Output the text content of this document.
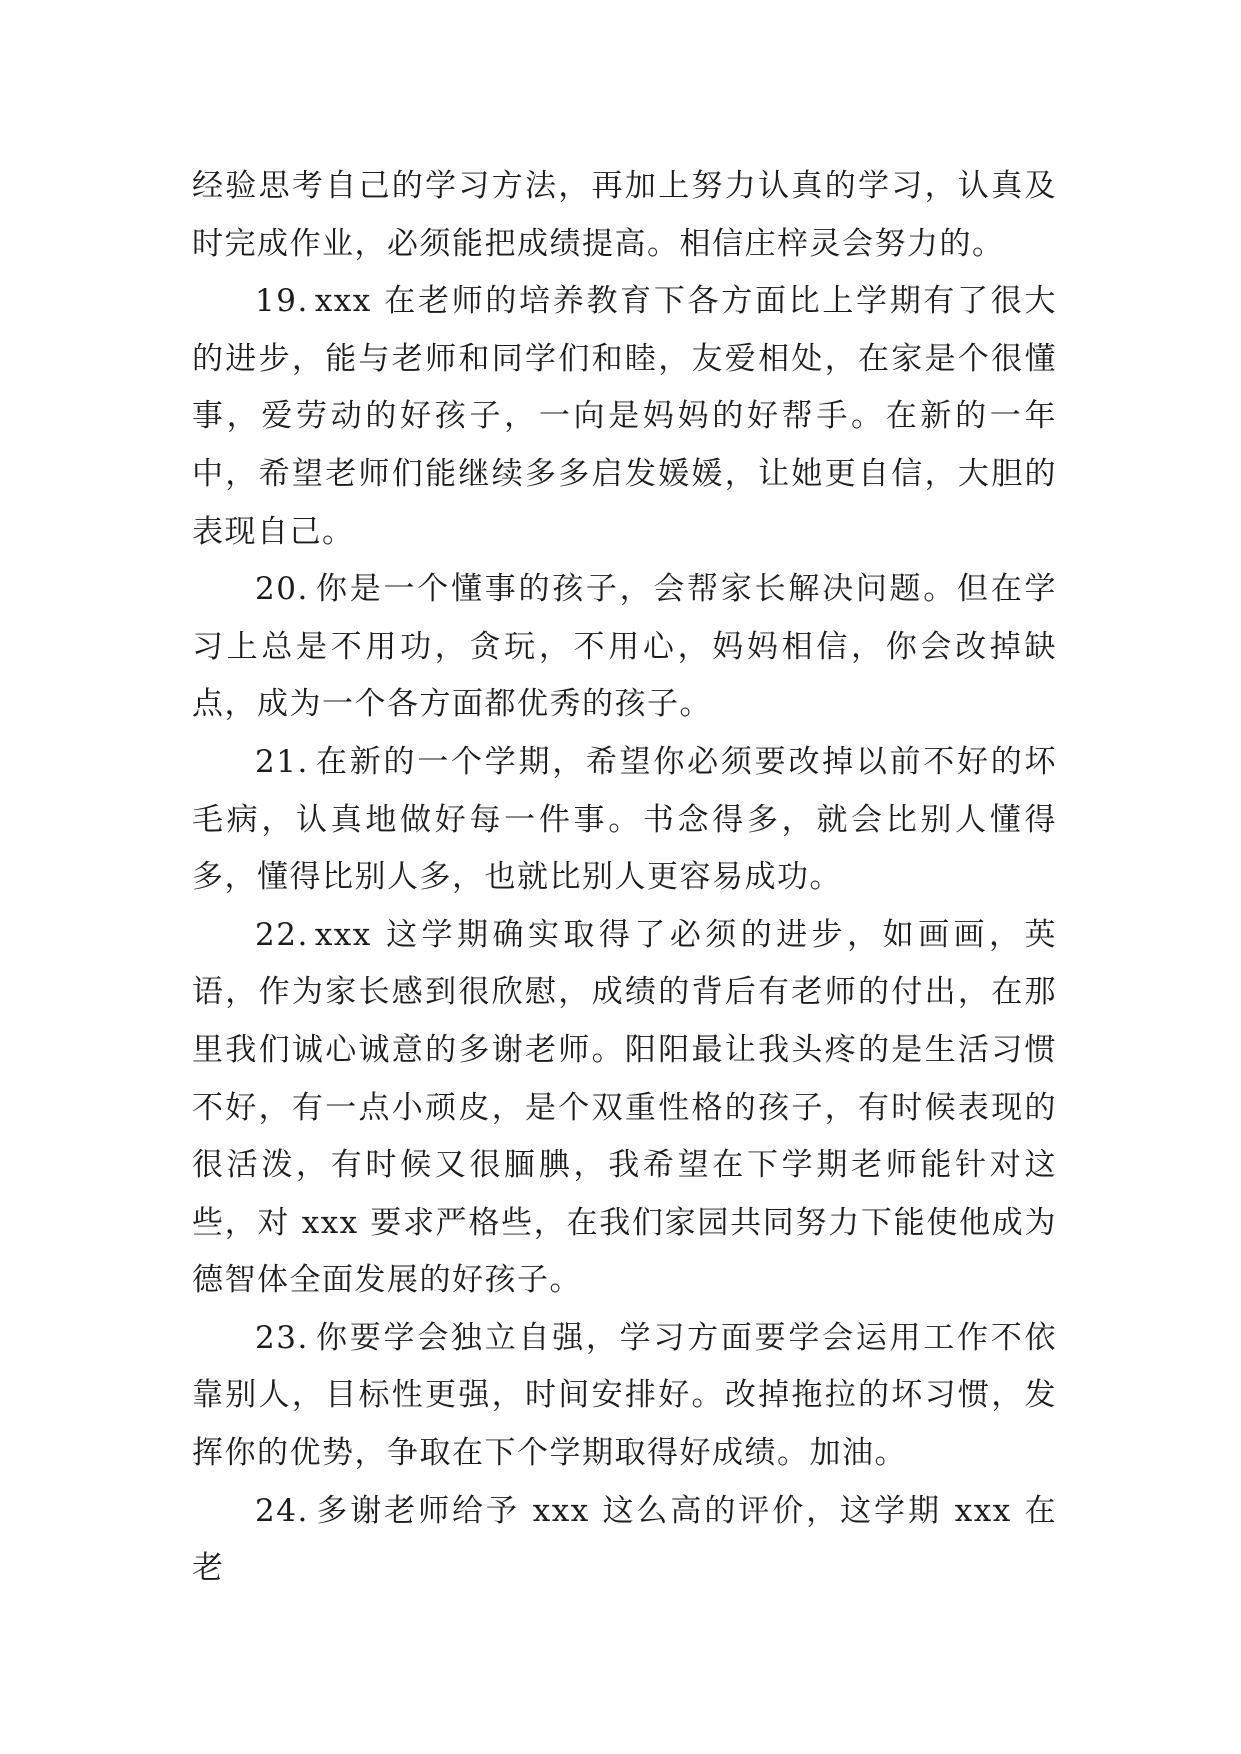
经验思考自己的学习方法，再加上努力认真的学习，认真及时完成作业，必须能把成绩提高。相信庄梓灵会努力的。

19. xxx 在老师的培养教育下各方面比上学期有了很大的进步，能与老师和同学们和睦，友爱相处，在家是个很懂事，爱劳动的好孩子，一向是妈妈的好帮手。在新的一年中，希望老师们能继续多多启发媛媛，让她更自信，大胆的表现自己。

20. 你是一个懂事的孩子，会帮家长解决问题。但在学习上总是不用功，贪玩，不用心，妈妈相信，你会改掉缺点，成为一个各方面都优秀的孩子。

21. 在新的一个学期，希望你必须要改掉以前不好的坏毛病，认真地做好每一件事。书念得多，就会比别人懂得多，懂得比别人多，也就比别人更容易成功。

22. xxx 这学期确实取得了必须的进步，如画画，英语，作为家长感到很欣慰，成绩的背后有老师的付出，在那里我们诚心诚意的多谢老师。阳阳最让我头疼的是生活习惯不好，有一点小顽皮，是个双重性格的孩子，有时候表现的很活泼，有时候又很腼腆，我希望在下学期老师能针对这些，对 xxx 要求严格些，在我们家园共同努力下能使他成为德智体全面发展的好孩子。

23. 你要学会独立自强，学习方面要学会运用工作不依靠别人，目标性更强，时间安排好。改掉拖拉的坏习惯，发挥你的优势，争取在下个学期取得好成绩。加油。

24. 多谢老师给予 xxx 这么高的评价，这学期 xxx 在老
